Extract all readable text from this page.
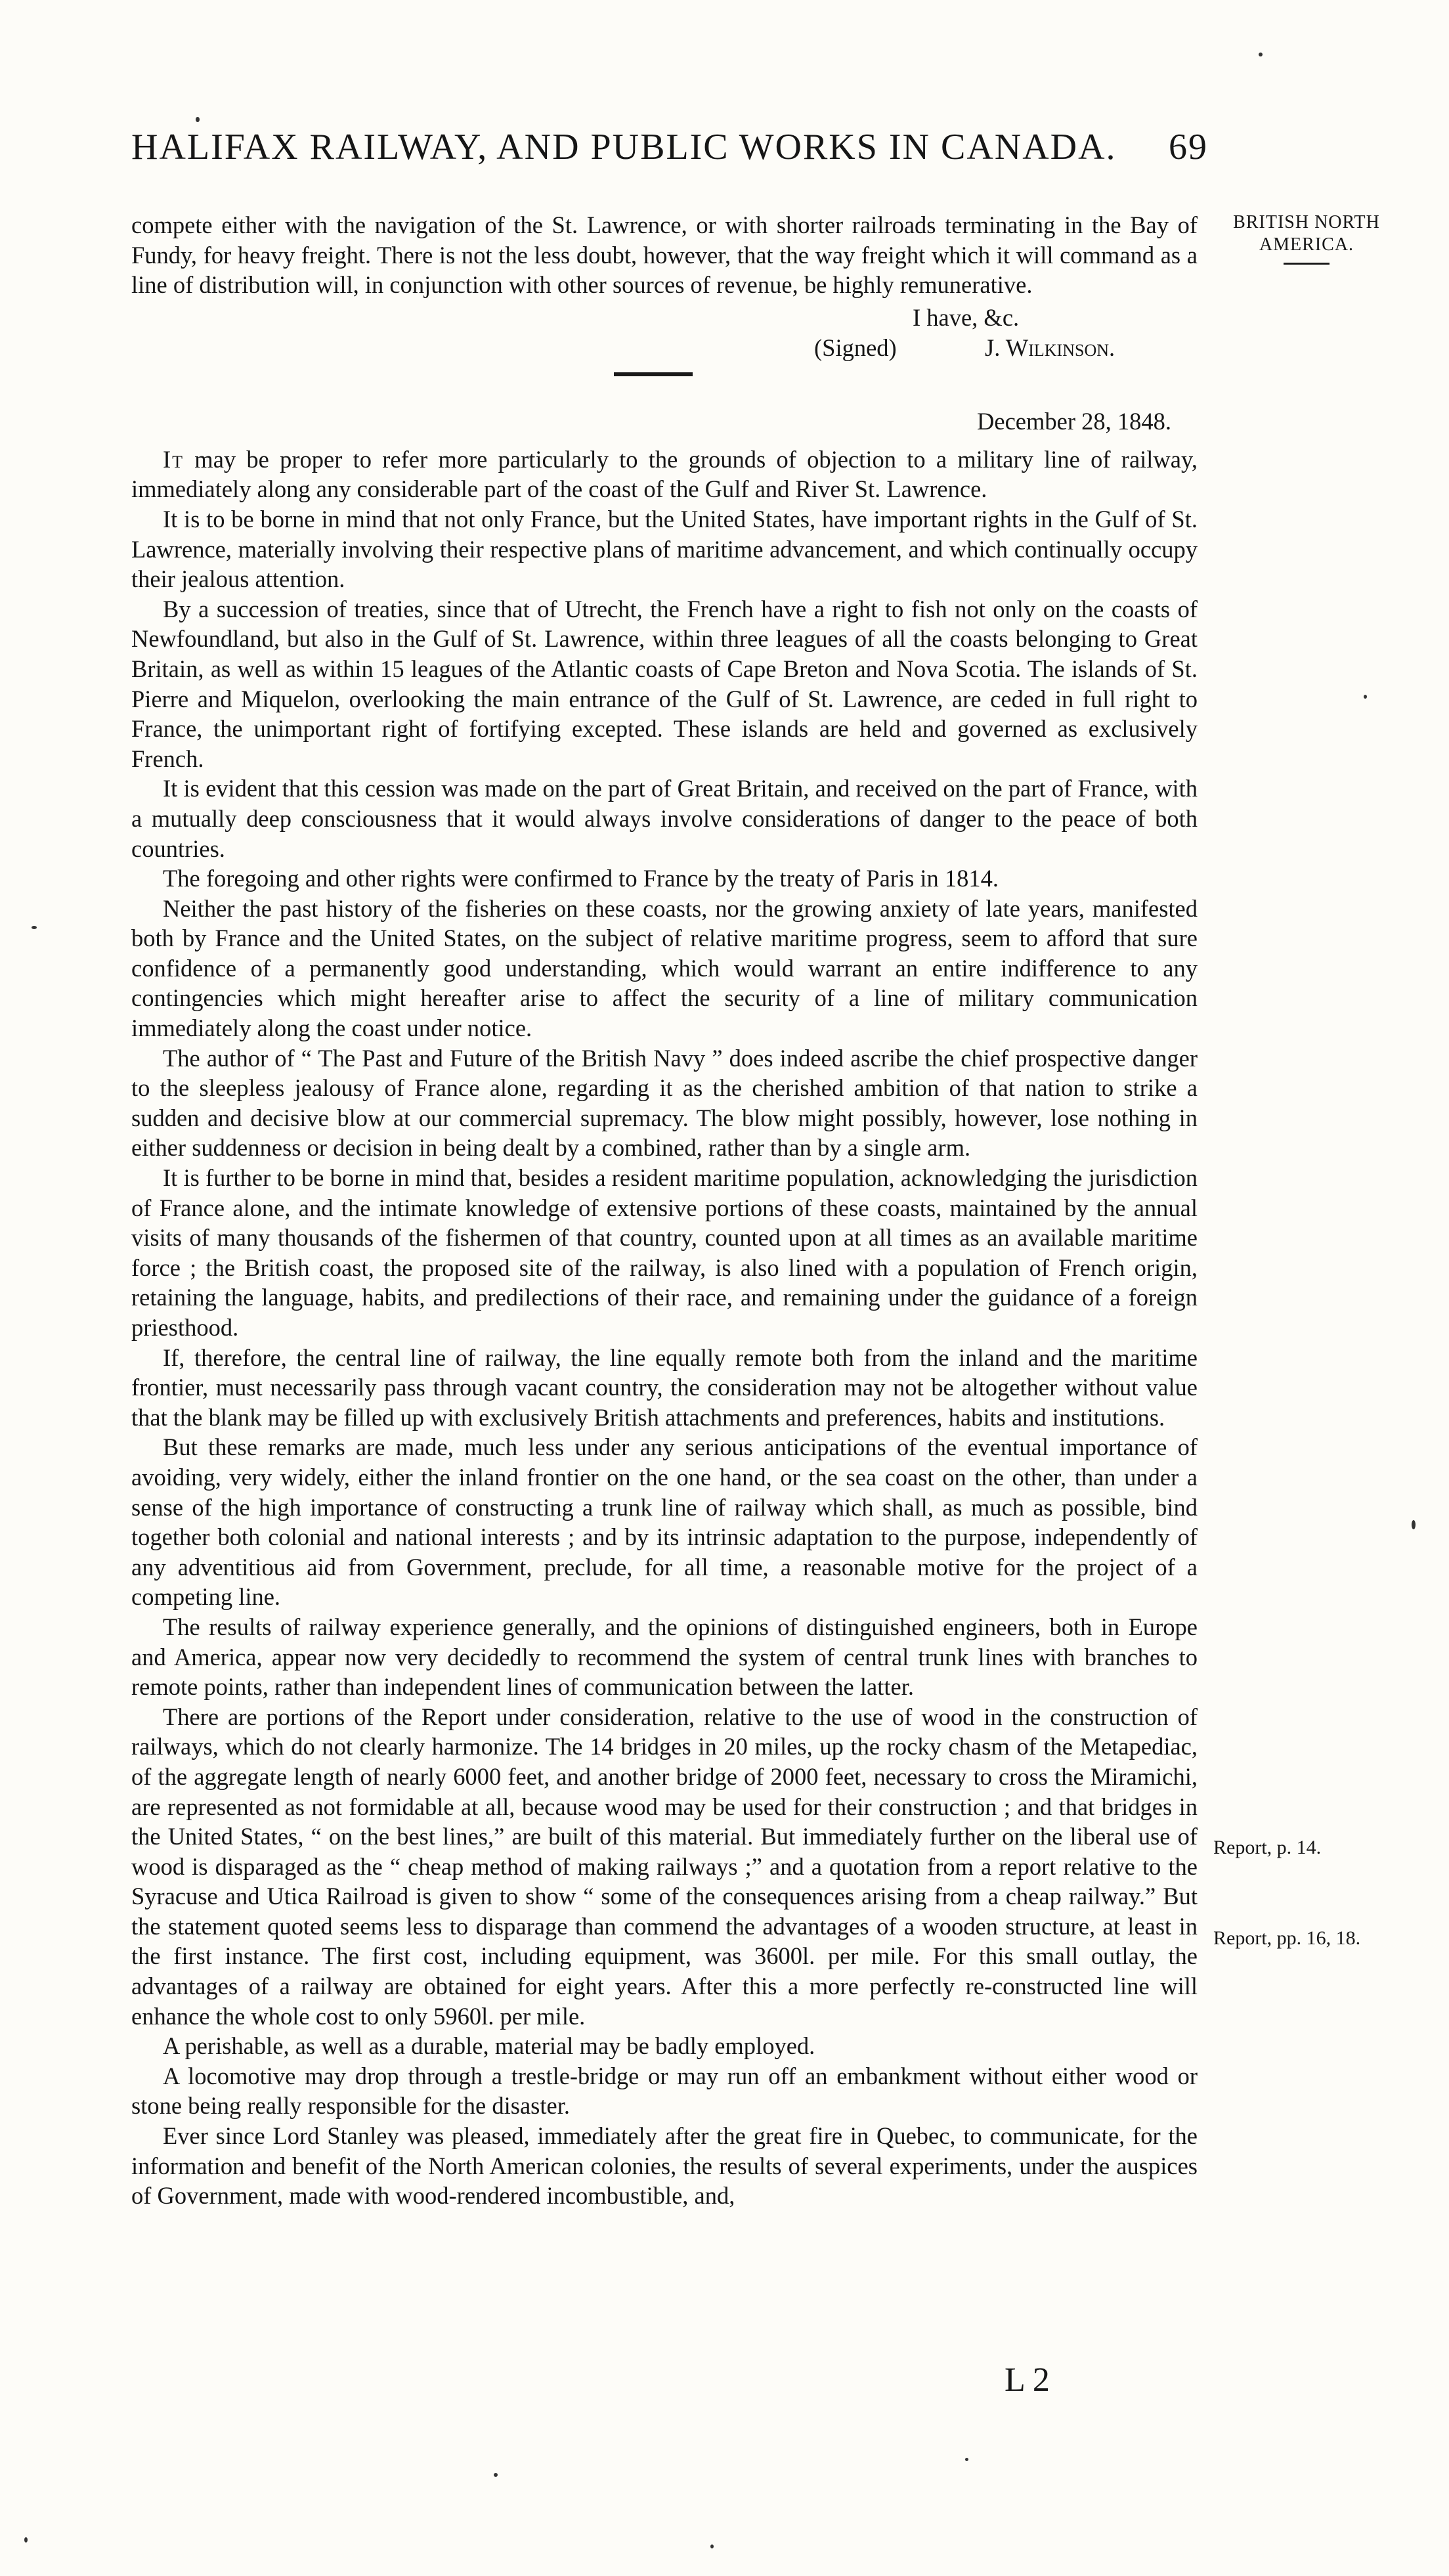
HALIFAX RAILWAY, AND PUBLIC WORKS IN CANADA. 69
BRITISH NORTH AMERICA.
Report, p. 14.
Report, pp. 16, 18.

compete either with the navigation of the St. Lawrence, or with shorter railroads terminating in the Bay of Fundy, for heavy freight. There is not the less doubt, however, that the way freight which it will command as a line of distribution will, in conjunction with other sources of revenue, be highly remunerative.

I have, &c.
(Signed)	J. Wilkinson.
December 28, 1848.

It may be proper to refer more particularly to the grounds of objection to a military line of railway, immediately along any considerable part of the coast of the Gulf and River St. Lawrence.

It is to be borne in mind that not only France, but the United States, have important rights in the Gulf of St. Lawrence, materially involving their respective plans of maritime advancement, and which continually occupy their jealous attention.

By a succession of treaties, since that of Utrecht, the French have a right to fish not only on the coasts of Newfoundland, but also in the Gulf of St. Lawrence, within three leagues of all the coasts belonging to Great Britain, as well as within 15 leagues of the Atlantic coasts of Cape Breton and Nova Scotia. The islands of St. Pierre and Miquelon, overlooking the main entrance of the Gulf of St. Lawrence, are ceded in full right to France, the unimportant right of fortifying excepted. These islands are held and governed as exclusively French.

It is evident that this cession was made on the part of Great Britain, and received on the part of France, with a mutually deep consciousness that it would always involve considerations of danger to the peace of both countries.

The foregoing and other rights were confirmed to France by the treaty of Paris in 1814.

Neither the past history of the fisheries on these coasts, nor the growing anxiety of late years, manifested both by France and the United States, on the subject of relative maritime progress, seem to afford that sure confidence of a permanently good understanding, which would warrant an entire indifference to any contingencies which might hereafter arise to affect the security of a line of military communication immediately along the coast under notice.

The author of “ The Past and Future of the British Navy ” does indeed ascribe the chief prospective danger to the sleepless jealousy of France alone, regarding it as the cherished ambition of that nation to strike a sudden and decisive blow at our commercial supremacy. The blow might possibly, however, lose nothing in either suddenness or decision in being dealt by a combined, rather than by a single arm.

It is further to be borne in mind that, besides a resident maritime population, acknowledging the jurisdiction of France alone, and the intimate knowledge of extensive portions of these coasts, maintained by the annual visits of many thousands of the fishermen of that country, counted upon at all times as an available maritime force ; the British coast, the proposed site of the railway, is also lined with a population of French origin, retaining the language, habits, and predilections of their race, and remaining under the guidance of a foreign priesthood.

If, therefore, the central line of railway, the line equally remote both from the inland and the maritime frontier, must necessarily pass through vacant country, the consideration may not be altogether without value that the blank may be filled up with exclusively British attachments and preferences, habits and institutions.

But these remarks are made, much less under any serious anticipations of the eventual importance of avoiding, very widely, either the inland frontier on the one hand, or the sea coast on the other, than under a sense of the high importance of constructing a trunk line of railway which shall, as much as possible, bind together both colonial and national interests ; and by its intrinsic adaptation to the purpose, independently of any adventitious aid from Government, preclude, for all time, a reasonable motive for the project of a competing line.

The results of railway experience generally, and the opinions of distinguished engineers, both in Europe and America, appear now very decidedly to recommend the system of central trunk lines with branches to remote points, rather than independent lines of communication between the latter.

There are portions of the Report under consideration, relative to the use of wood in the construction of railways, which do not clearly harmonize. The 14 bridges in 20 miles, up the rocky chasm of the Metapediac, of the aggregate length of nearly 6000 feet, and another bridge of 2000 feet, necessary to cross the Miramichi, are represented as not formidable at all, because wood may be used for their construction ; and that bridges in the United States, “ on the best lines,” are built of this material. But immediately further on the liberal use of wood is disparaged as the “ cheap method of making railways ;” and a quotation from a report relative to the Syracuse and Utica Railroad is given to show “ some of the consequences arising from a cheap railway.” But the statement quoted seems less to disparage than commend the advantages of a wooden structure, at least in the first instance. The first cost, including equipment, was 3600l. per mile. For this small outlay, the advantages of a railway are obtained for eight years. After this a more perfectly re-constructed line will enhance the whole cost to only 5960l. per mile.

A perishable, as well as a durable, material may be badly employed.

A locomotive may drop through a trestle-bridge or may run off an embankment without either wood or stone being really responsible for the disaster.

Ever since Lord Stanley was pleased, immediately after the great fire in Quebec, to communicate, for the information and benefit of the North American colonies, the results of several experiments, under the auspices of Government, made with wood-rendered incombustible, and,

L 2
